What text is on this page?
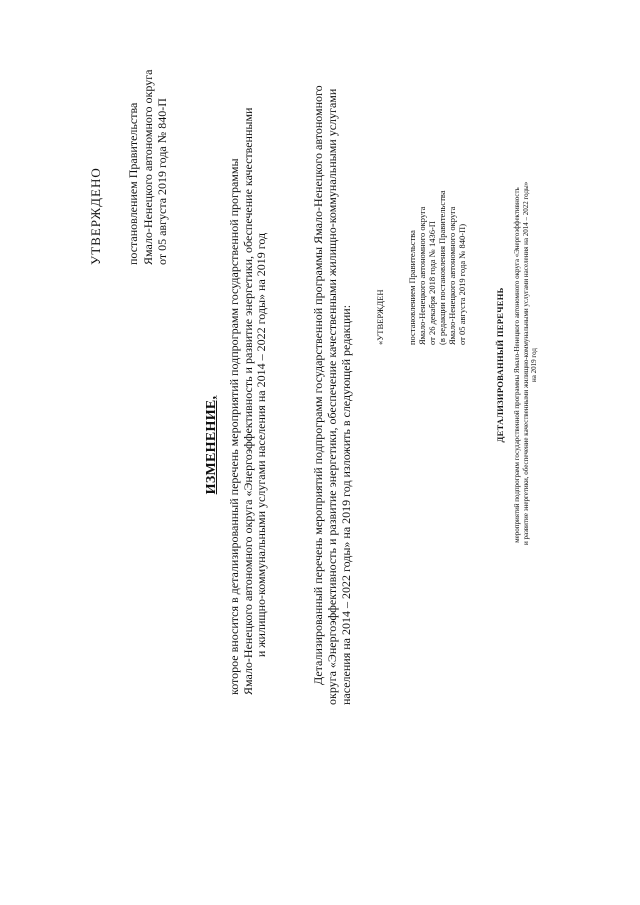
УТВЕРЖДЕНО постановлением Правительства Ямало-Ненецкого автономного округа от 05 августа 2019 года № 840-П
ИЗМЕНЕНИЕ, которое вносится в детализированный перечень мероприятий подпрограмм государственной программы Ямало-Ненецкого автономного округа «Энергоэффективность и развитие энергетики, обеспечение качественными и жилищно-коммунальными услугами населения на 2014 – 2022 годы» на 2019 год	Детализированный перечень мероприятий подпрограмм государственной программы Ямало-Ненецкого автономного округа «Энергоэффективность и развитие энергетики, обеспечение качественными жилищно-коммунальными услугами населения на 2014 – 2022 годы» на 2019 год изложить в следующей редакции:	«УТВЕРЖДЕН	постановлением Правительства Ямало-Ненецкого автономного округа от 26 декабря 2018 года № 1436-П (в редакции постановления Правительства Ямало-Ненецкого автономного округа от 05 августа 2019 года № 840-П)
ДЕТАЛИЗИРОВАННЫЙ ПЕРЕЧЕНЬ мероприятий подпрограмм государственной программы Ямало-Ненецкого автономного округа «Энергоэффективность и развитие энергетики, обеспечение качественными жилищно-коммунальными услугами населения на 2014 – 2022 годы» на 2019 год
